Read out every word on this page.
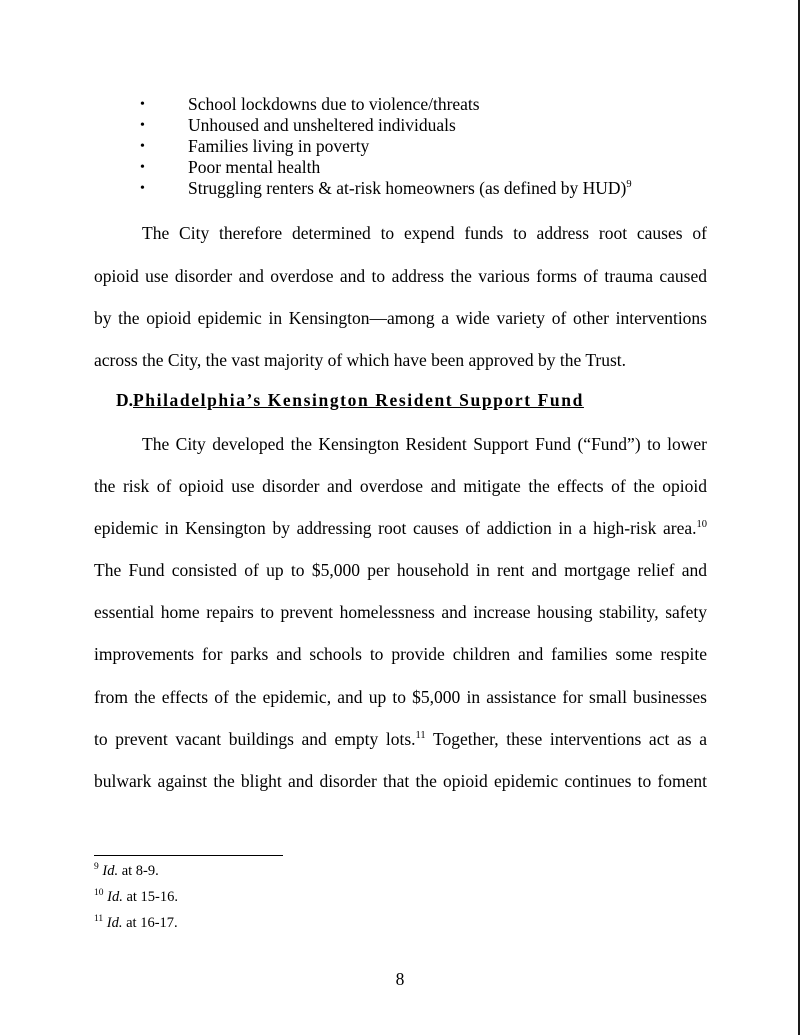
• School lockdowns due to violence/threats
• Unhoused and unsheltered individuals
• Families living in poverty
• Poor mental health
• Struggling renters & at-risk homeowners (as defined by HUD)$^9$
The City therefore determined to expend funds to address root causes of
opioid use disorder and overdose and to address the various forms of trauma caused
by the opioid epidemic in Kensington—among a wide variety of other interventions
across the City, the vast majority of which have been approved by the Trust.
D.Philadelphia’s Kensington Resident Support Fund
The City developed the Kensington Resident Support Fund (“Fund”) to lower
the risk of opioid use disorder and overdose and mitigate the effects of the opioid
epidemic in Kensington by addressing root causes of addiction in a high-risk area.$^{10}$
The Fund consisted of up to $5,000 per household in rent and mortgage relief and
essential home repairs to prevent homelessness and increase housing stability, safety
improvements for parks and schools to provide children and families some respite
from the effects of the epidemic, and up to $5,000 in assistance for small businesses
to prevent vacant buildings and empty lots.$^{11}$ Together, these interventions act as a
bulwark against the blight and disorder that the opioid epidemic continues to foment
$^9$ Id. at 8-9.
$^{10}$ Id. at 15-16.
$^{11}$ Id. at 16-17.
8
